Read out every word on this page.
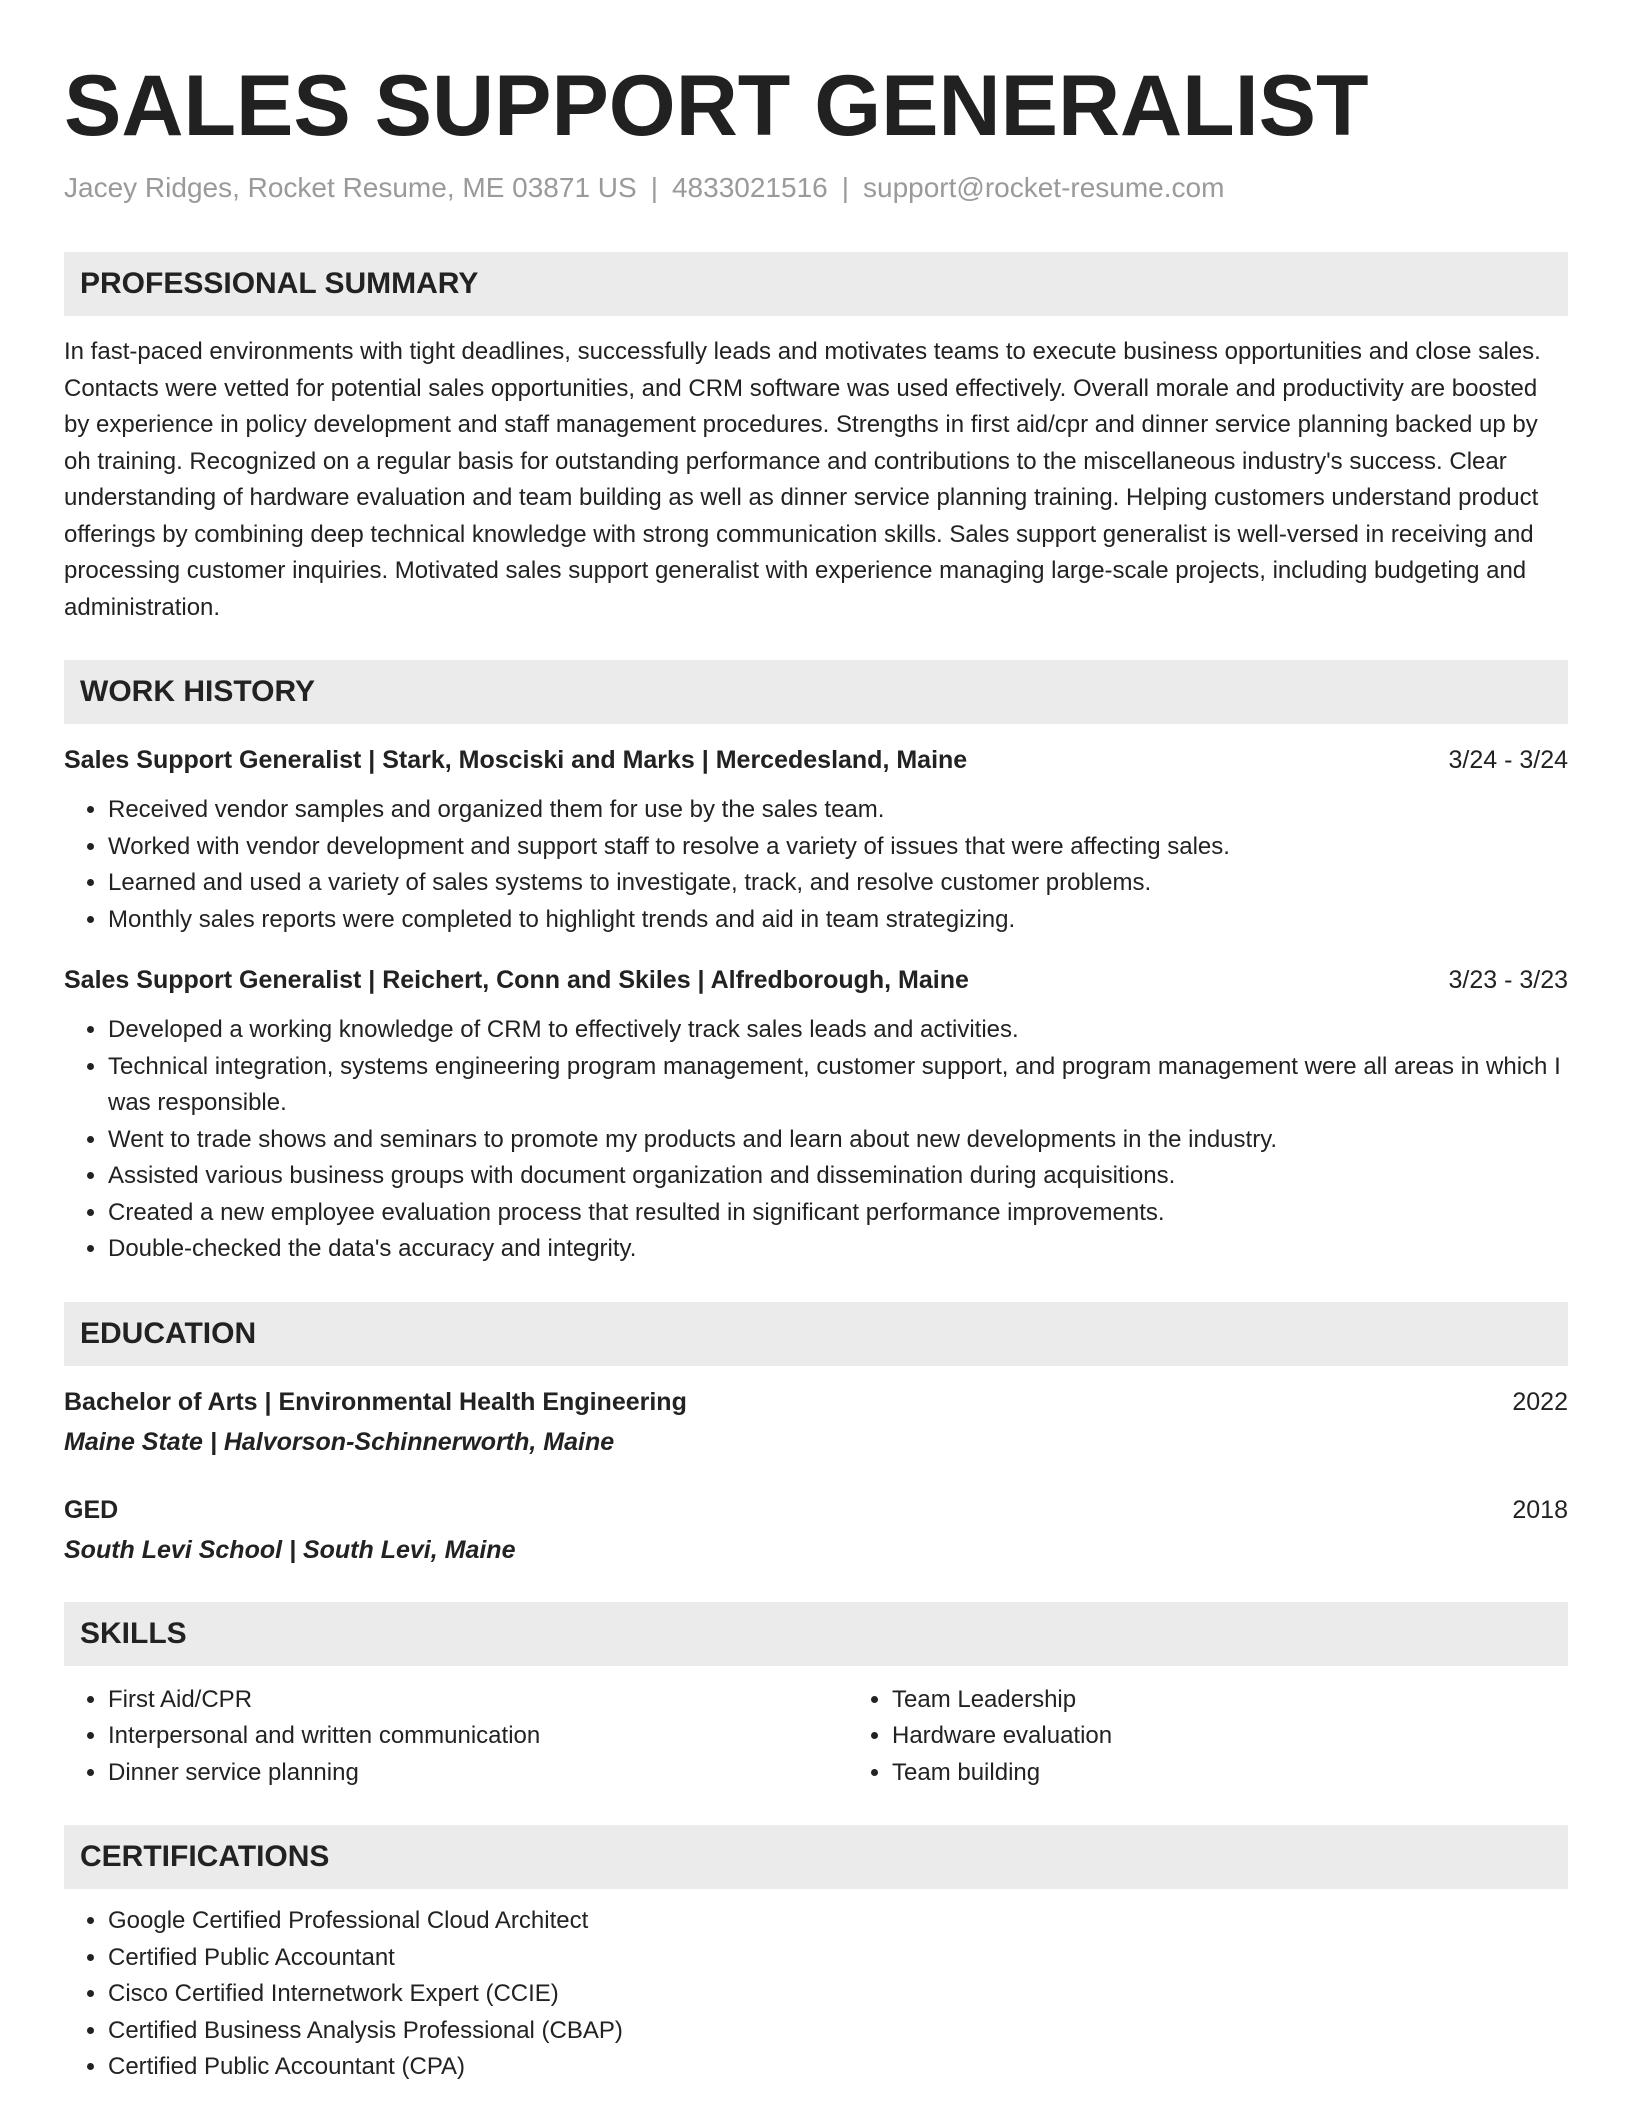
SALES SUPPORT GENERALIST
Jacey Ridges, Rocket Resume, ME 03871 US | 4833021516 | support@rocket-resume.com
PROFESSIONAL SUMMARY

In fast-paced environments with tight deadlines, successfully leads and motivates teams to execute business opportunities and close sales. Contacts were vetted for potential sales opportunities, and CRM software was used effectively. Overall morale and productivity are boosted by experience in policy development and staff management procedures. Strengths in first aid/cpr and dinner service planning backed up by oh training. Recognized on a regular basis for outstanding performance and contributions to the miscellaneous industry's success. Clear understanding of hardware evaluation and team building as well as dinner service planning training. Helping customers understand product offerings by combining deep technical knowledge with strong communication skills. Sales support generalist is well-versed in receiving and processing customer inquiries. Motivated sales support generalist with experience managing large-scale projects, including budgeting and administration.

WORK HISTORY
Sales Support Generalist | Stark, Mosciski and Marks | Mercedesland, Maine	3/24 - 3/24
• Received vendor samples and organized them for use by the sales team.
• Worked with vendor development and support staff to resolve a variety of issues that were affecting sales.
• Learned and used a variety of sales systems to investigate, track, and resolve customer problems.
• Monthly sales reports were completed to highlight trends and aid in team strategizing.
Sales Support Generalist | Reichert, Conn and Skiles | Alfredborough, Maine	3/23 - 3/23
• Developed a working knowledge of CRM to effectively track sales leads and activities.
• Technical integration, systems engineering program management, customer support, and program management were all areas in which I was responsible.
• Went to trade shows and seminars to promote my products and learn about new developments in the industry.
• Assisted various business groups with document organization and dissemination during acquisitions.
• Created a new employee evaluation process that resulted in significant performance improvements.
• Double-checked the data's accuracy and integrity.
EDUCATION
Bachelor of Arts | Environmental Health Engineering	2022
Maine State | Halvorson-Schinnerworth, Maine
GED	2018
South Levi School | South Levi, Maine
SKILLS
• First Aid/CPR
• Interpersonal and written communication
• Dinner service planning
• Team Leadership
• Hardware evaluation
• Team building
CERTIFICATIONS
• Google Certified Professional Cloud Architect
• Certified Public Accountant
• Cisco Certified Internetwork Expert (CCIE)
• Certified Business Analysis Professional (CBAP)
• Certified Public Accountant (CPA)
